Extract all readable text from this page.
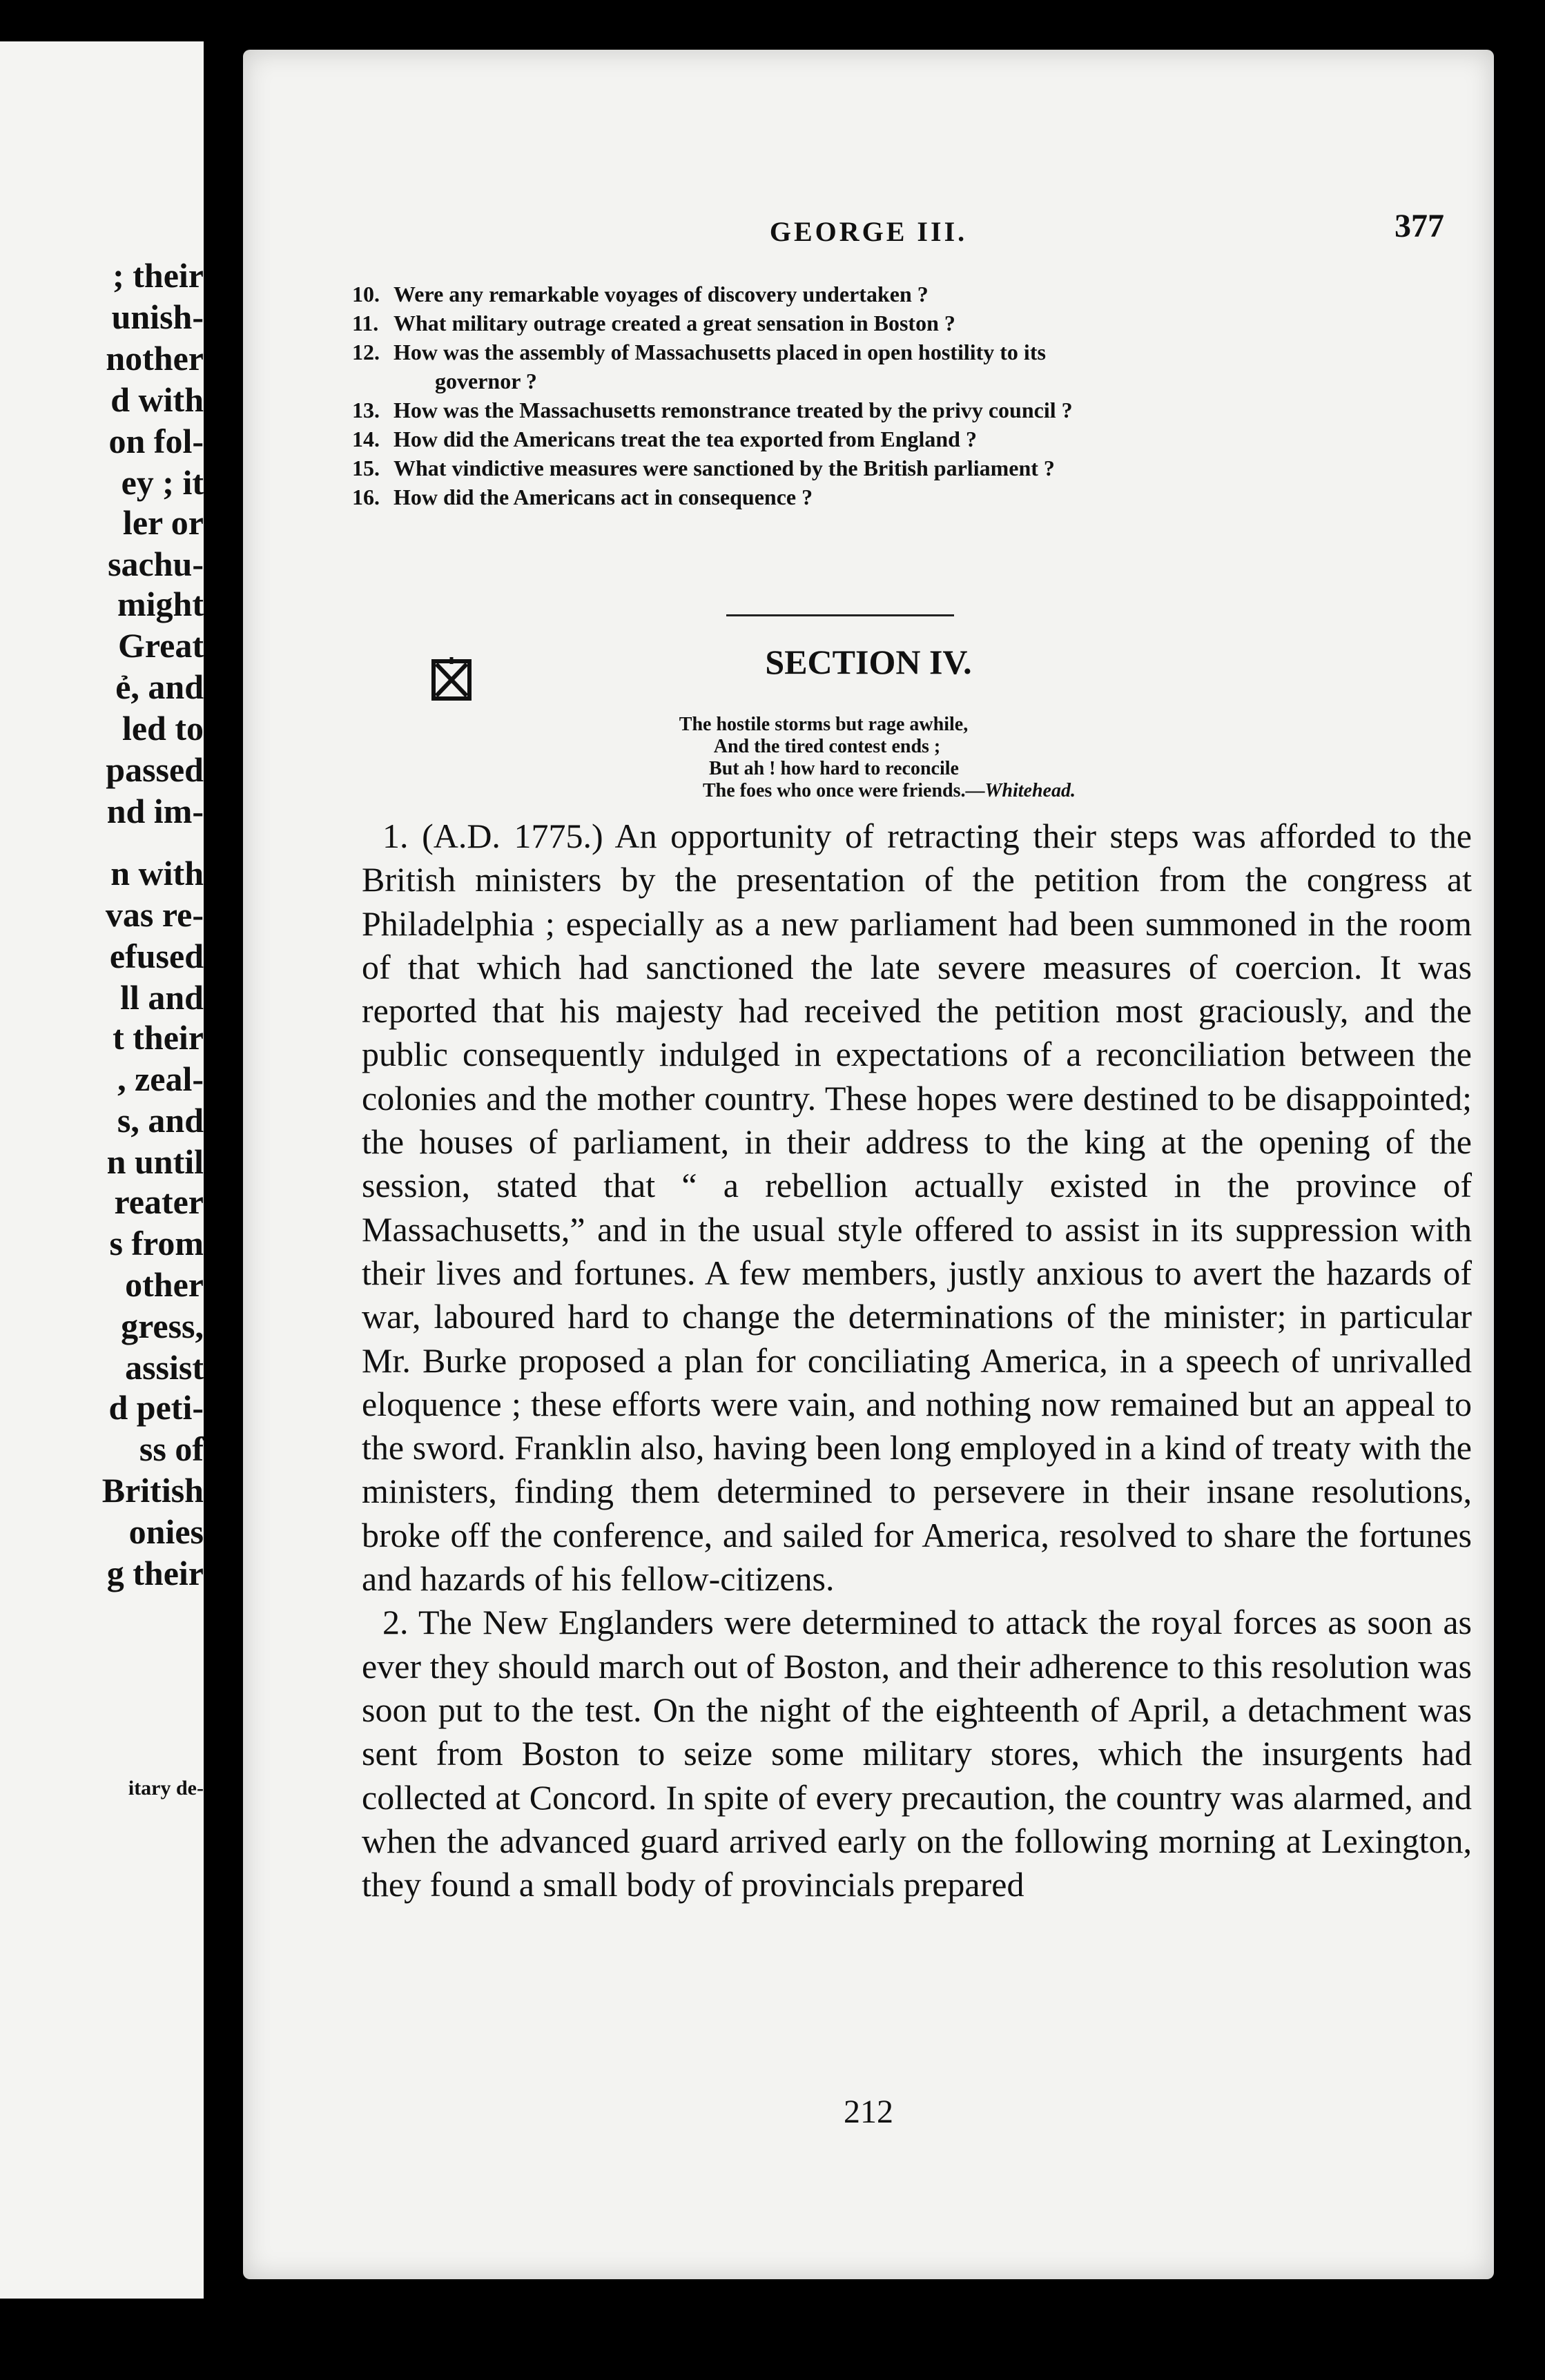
; their
unish-
nother
d with
on fol-
ey ; it
ler or
sachu-
might
Great
ẻ, and
led to
passed
nd im-
n with
vas re-
efused
ll and
t their
, zeal-
s, and
n until
reater
s from
other
gress,
assist
d peti-
ss of
British
onies
g their
itary de-
GEORGE III.	377
10. Were any remarkable voyages of discovery undertaken ?
11. What military outrage created a great sensation in Boston ?
12. How was the assembly of Massachusetts placed in open hostility to its
governor ?
13. How was the Massachusetts remonstrance treated by the privy council ?
14. How did the Americans treat the tea exported from England ?
15. What vindictive measures were sanctioned by the British parliament ?
16. How did the Americans act in consequence ?
SECTION IV.
The hostile storms but rage awhile,
And the tired contest ends ;
But ah ! how hard to reconcile
The foes who once were friends.—Whitehead.

1. (A.D. 1775.) An opportunity of retracting their steps was afforded to the British ministers by the presentation of the petition from the congress at Philadelphia ; especially as a new parliament had been summoned in the room of that which had sanctioned the late severe measures of coercion. It was reported that his majesty had received the petition most graciously, and the public consequently indulged in expectations of a reconciliation between the colonies and the mother country. These hopes were destined to be disappointed; the houses of parliament, in their address to the king at the opening of the session, stated that “ a rebellion actually existed in the province of Massachusetts,” and in the usual style offered to assist in its suppression with their lives and fortunes. A few members, justly anxious to avert the hazards of war, laboured hard to change the determinations of the minister; in particular Mr. Burke proposed a plan for conciliating America, in a speech of unrivalled eloquence ; these efforts were vain, and nothing now remained but an appeal to the sword. Franklin also, having been long employed in a kind of treaty with the ministers, finding them determined to persevere in their insane resolutions, broke off the conference, and sailed for America, resolved to share the fortunes and hazards of his fellow-citizens.

2. The New Englanders were determined to attack the royal forces as soon as ever they should march out of Boston, and their adherence to this resolution was soon put to the test. On the night of the eighteenth of April, a detachment was sent from Boston to seize some military stores, which the insurgents had collected at Concord. In spite of every precaution, the country was alarmed, and when the advanced guard arrived early on the following morning at Lexington, they found a small body of provincials prepared

212
